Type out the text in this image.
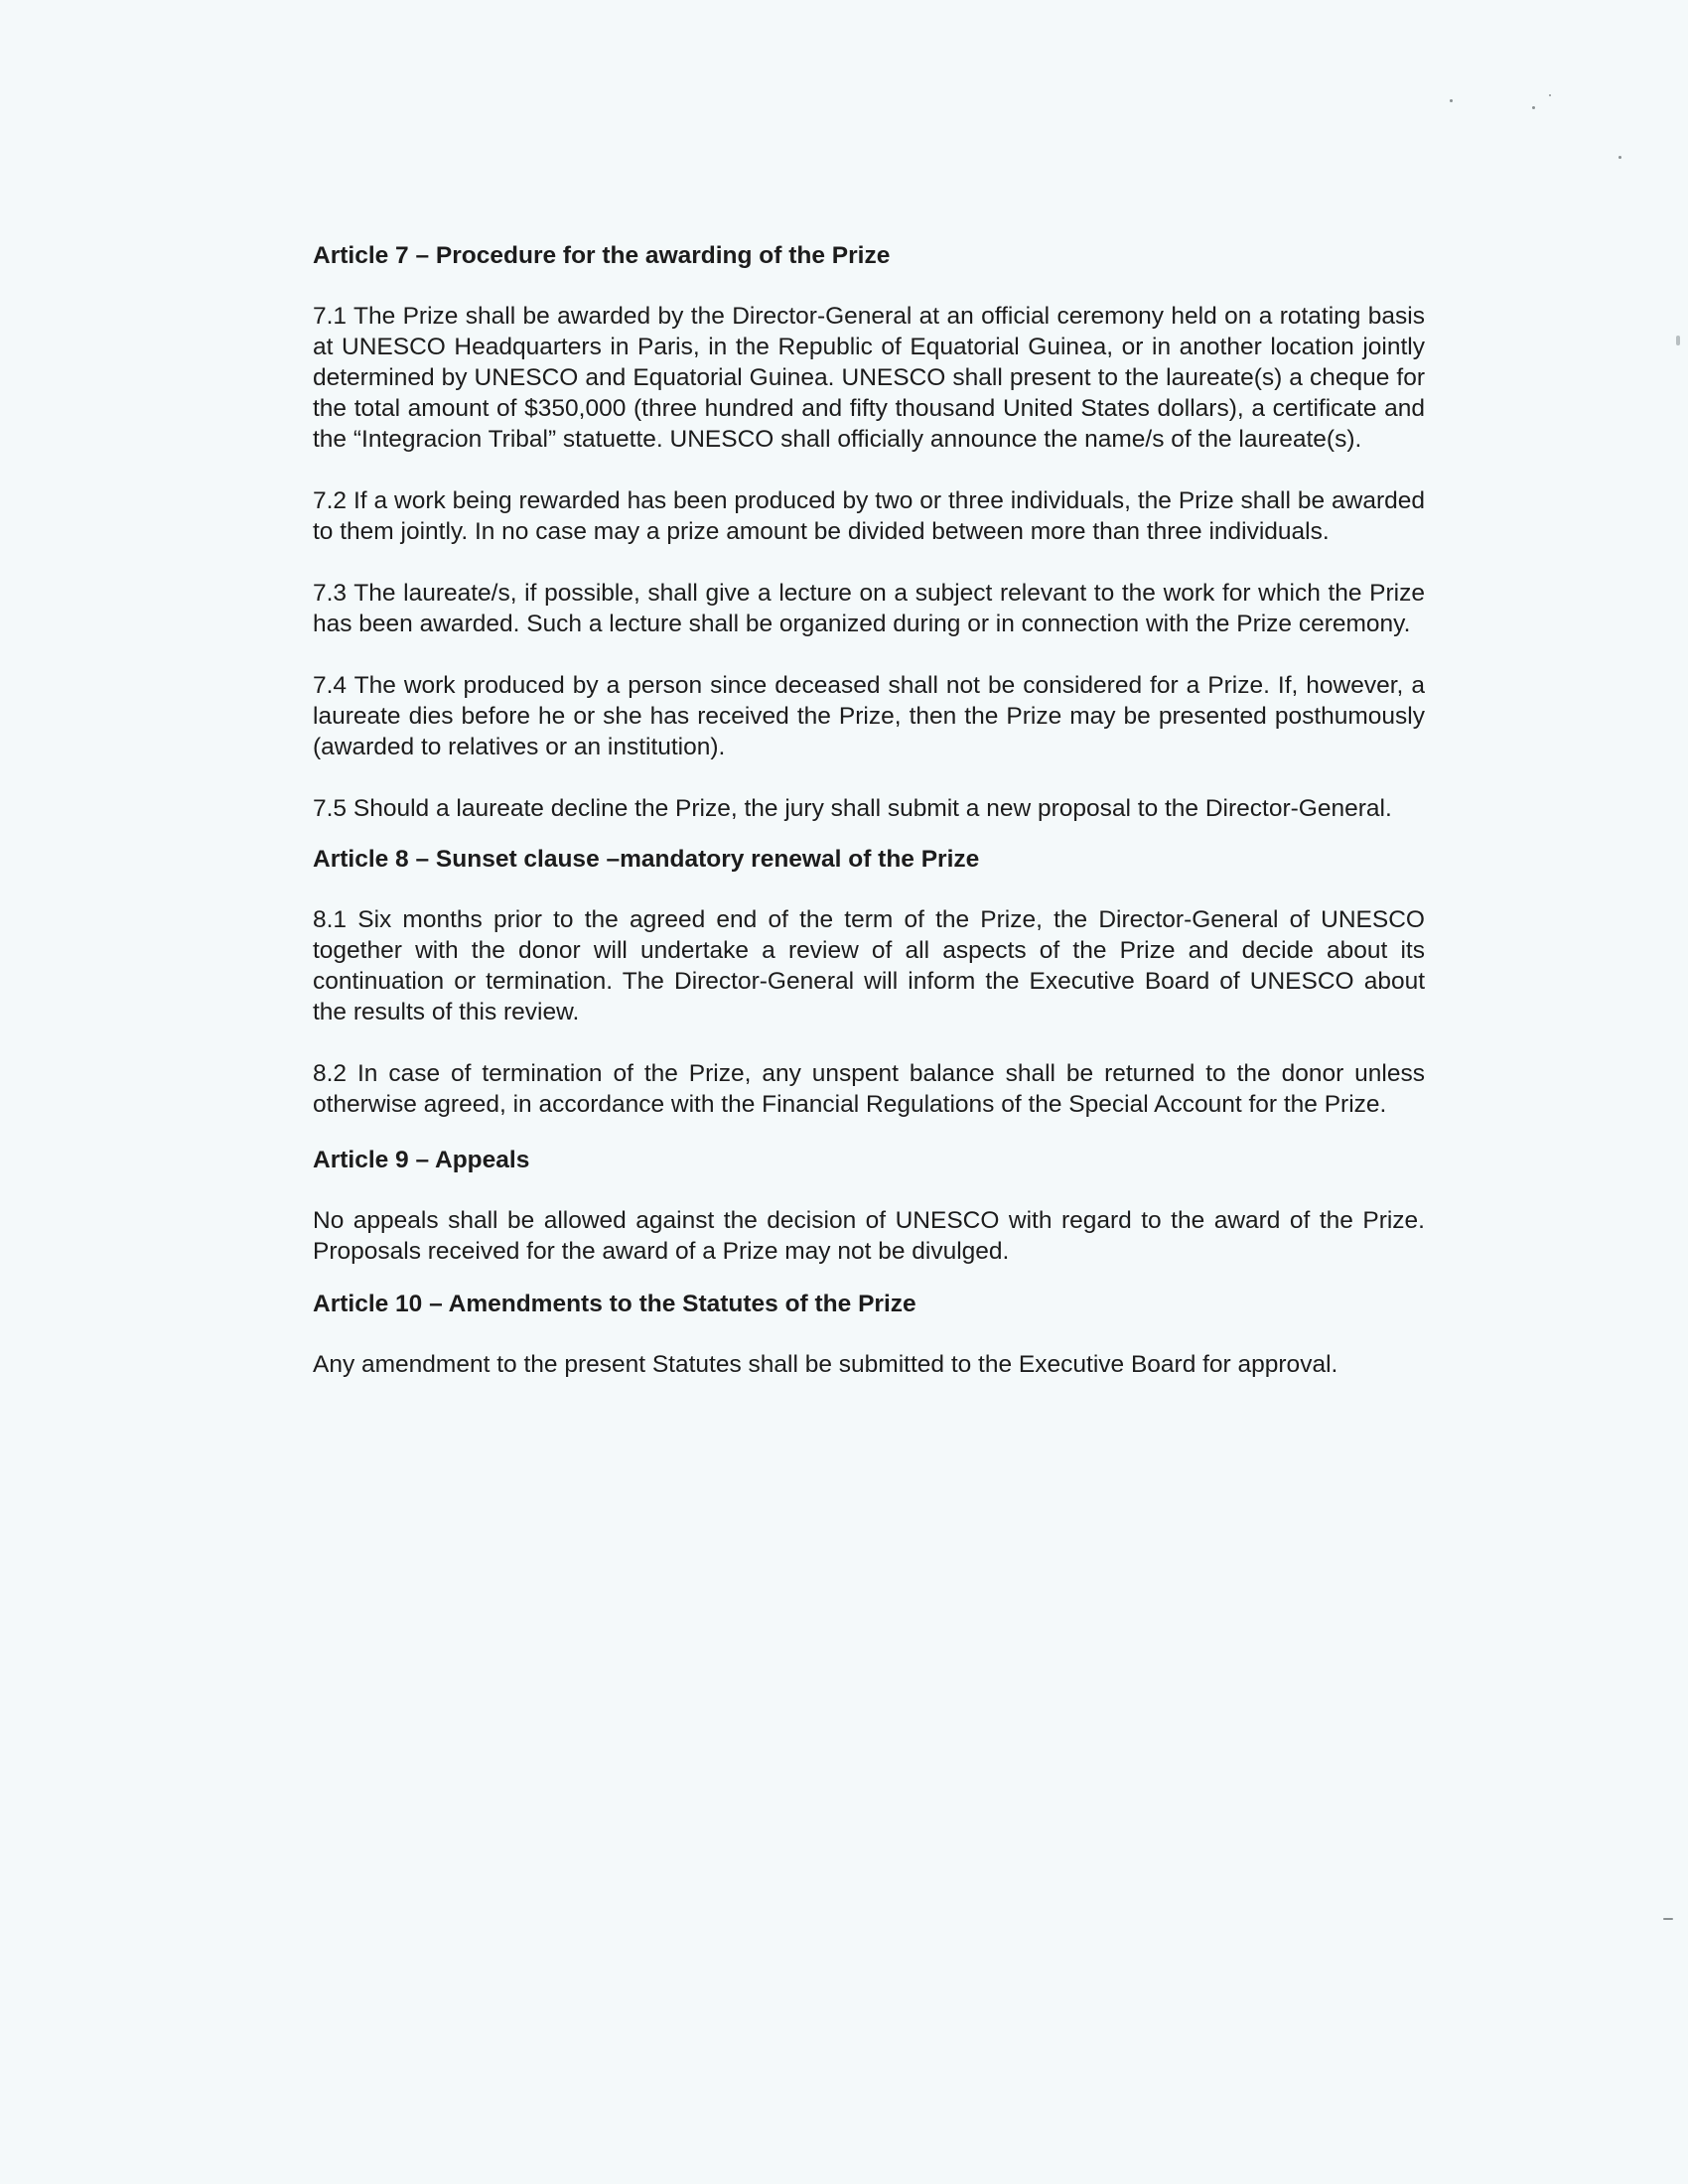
Article 7 – Procedure for the awarding of the Prize

7.1 The Prize shall be awarded by the Director-General at an official ceremony held on a rotating basis at UNESCO Headquarters in Paris, in the Republic of Equatorial Guinea, or in another location jointly determined by UNESCO and Equatorial Guinea. UNESCO shall present to the laureate(s) a cheque for the total amount of $350,000 (three hundred and fifty thousand United States dollars), a certificate and the “Integracion Tribal” statuette. UNESCO shall officially announce the name/s of the laureate(s).

7.2 If a work being rewarded has been produced by two or three individuals, the Prize shall be awarded to them jointly. In no case may a prize amount be divided between more than three individuals.

7.3 The laureate/s, if possible, shall give a lecture on a subject relevant to the work for which the Prize has been awarded. Such a lecture shall be organized during or in connection with the Prize ceremony.

7.4 The work produced by a person since deceased shall not be considered for a Prize. If, however, a laureate dies before he or she has received the Prize, then the Prize may be presented posthumously (awarded to relatives or an institution).

7.5 Should a laureate decline the Prize, the jury shall submit a new proposal to the Director-General.

Article 8 – Sunset clause –mandatory renewal of the Prize

8.1 Six months prior to the agreed end of the term of the Prize, the Director-General of UNESCO together with the donor will undertake a review of all aspects of the Prize and decide about its continuation or termination. The Director-General will inform the Executive Board of UNESCO about the results of this review.

8.2 In case of termination of the Prize, any unspent balance shall be returned to the donor unless otherwise agreed, in accordance with the Financial Regulations of the Special Account for the Prize.

Article 9 – Appeals

No appeals shall be allowed against the decision of UNESCO with regard to the award of the Prize. Proposals received for the award of a Prize may not be divulged.

Article 10 – Amendments to the Statutes of the Prize

Any amendment to the present Statutes shall be submitted to the Executive Board for approval.
